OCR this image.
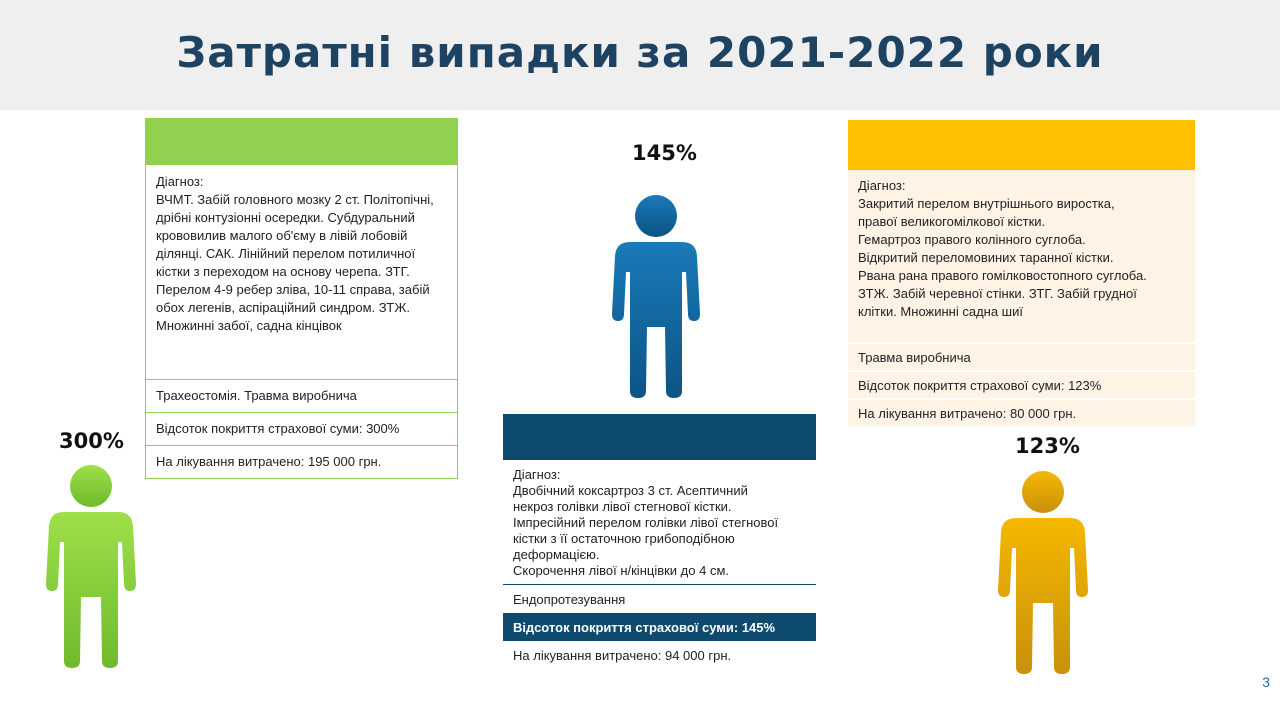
Затратні випадки за 2021-2022 роки
300%
Діагноз:
ВЧМТ. Забій головного мозку 2 ст. Політопічні, дрібні контузіонні осередки. Субдуральний крововилив малого об'єму в лівій лобовій ділянці. САК. Лінійний перелом потиличної кістки з переходом на основу черепа. ЗТГ. Перелом 4-9 ребер зліва, 10-11 справа, забій обох легенів, аспіраційний синдром. ЗТЖ. Множинні забої, садна кінцівок
Трахеостомія. Травма виробнича
Відсоток покриття страхової суми: 300%
На лікування витрачено: 195 000 грн.
145%
Діагноз:
Двобічний коксартроз 3 ст. Асептичний
некроз голівки лівої стегнової кістки.
Імпресійний перелом голівки лівої стегнової
кістки з її остаточною грибоподібною
деформацією.
Скорочення лівої н/кінцівки до 4 см.
Ендопротезування
Відсоток покриття страхової суми: 145%
На лікування витрачено: 94 000 грн.
Діагноз:
Закритий перелом внутрішнього виростка,
правої великогомілкової кістки.
Гемартроз правого колінного суглоба.
Відкритий переломовиних таранної кістки.
Рвана рана правого гомілковостопного суглоба.
ЗТЖ. Забій черевної стінки. ЗТГ. Забій грудної
клітки. Множинні садна шиї
Травма виробнича
Відсоток покриття страхової суми: 123%
На лікування витрачено: 80 000 грн.
123%
3
